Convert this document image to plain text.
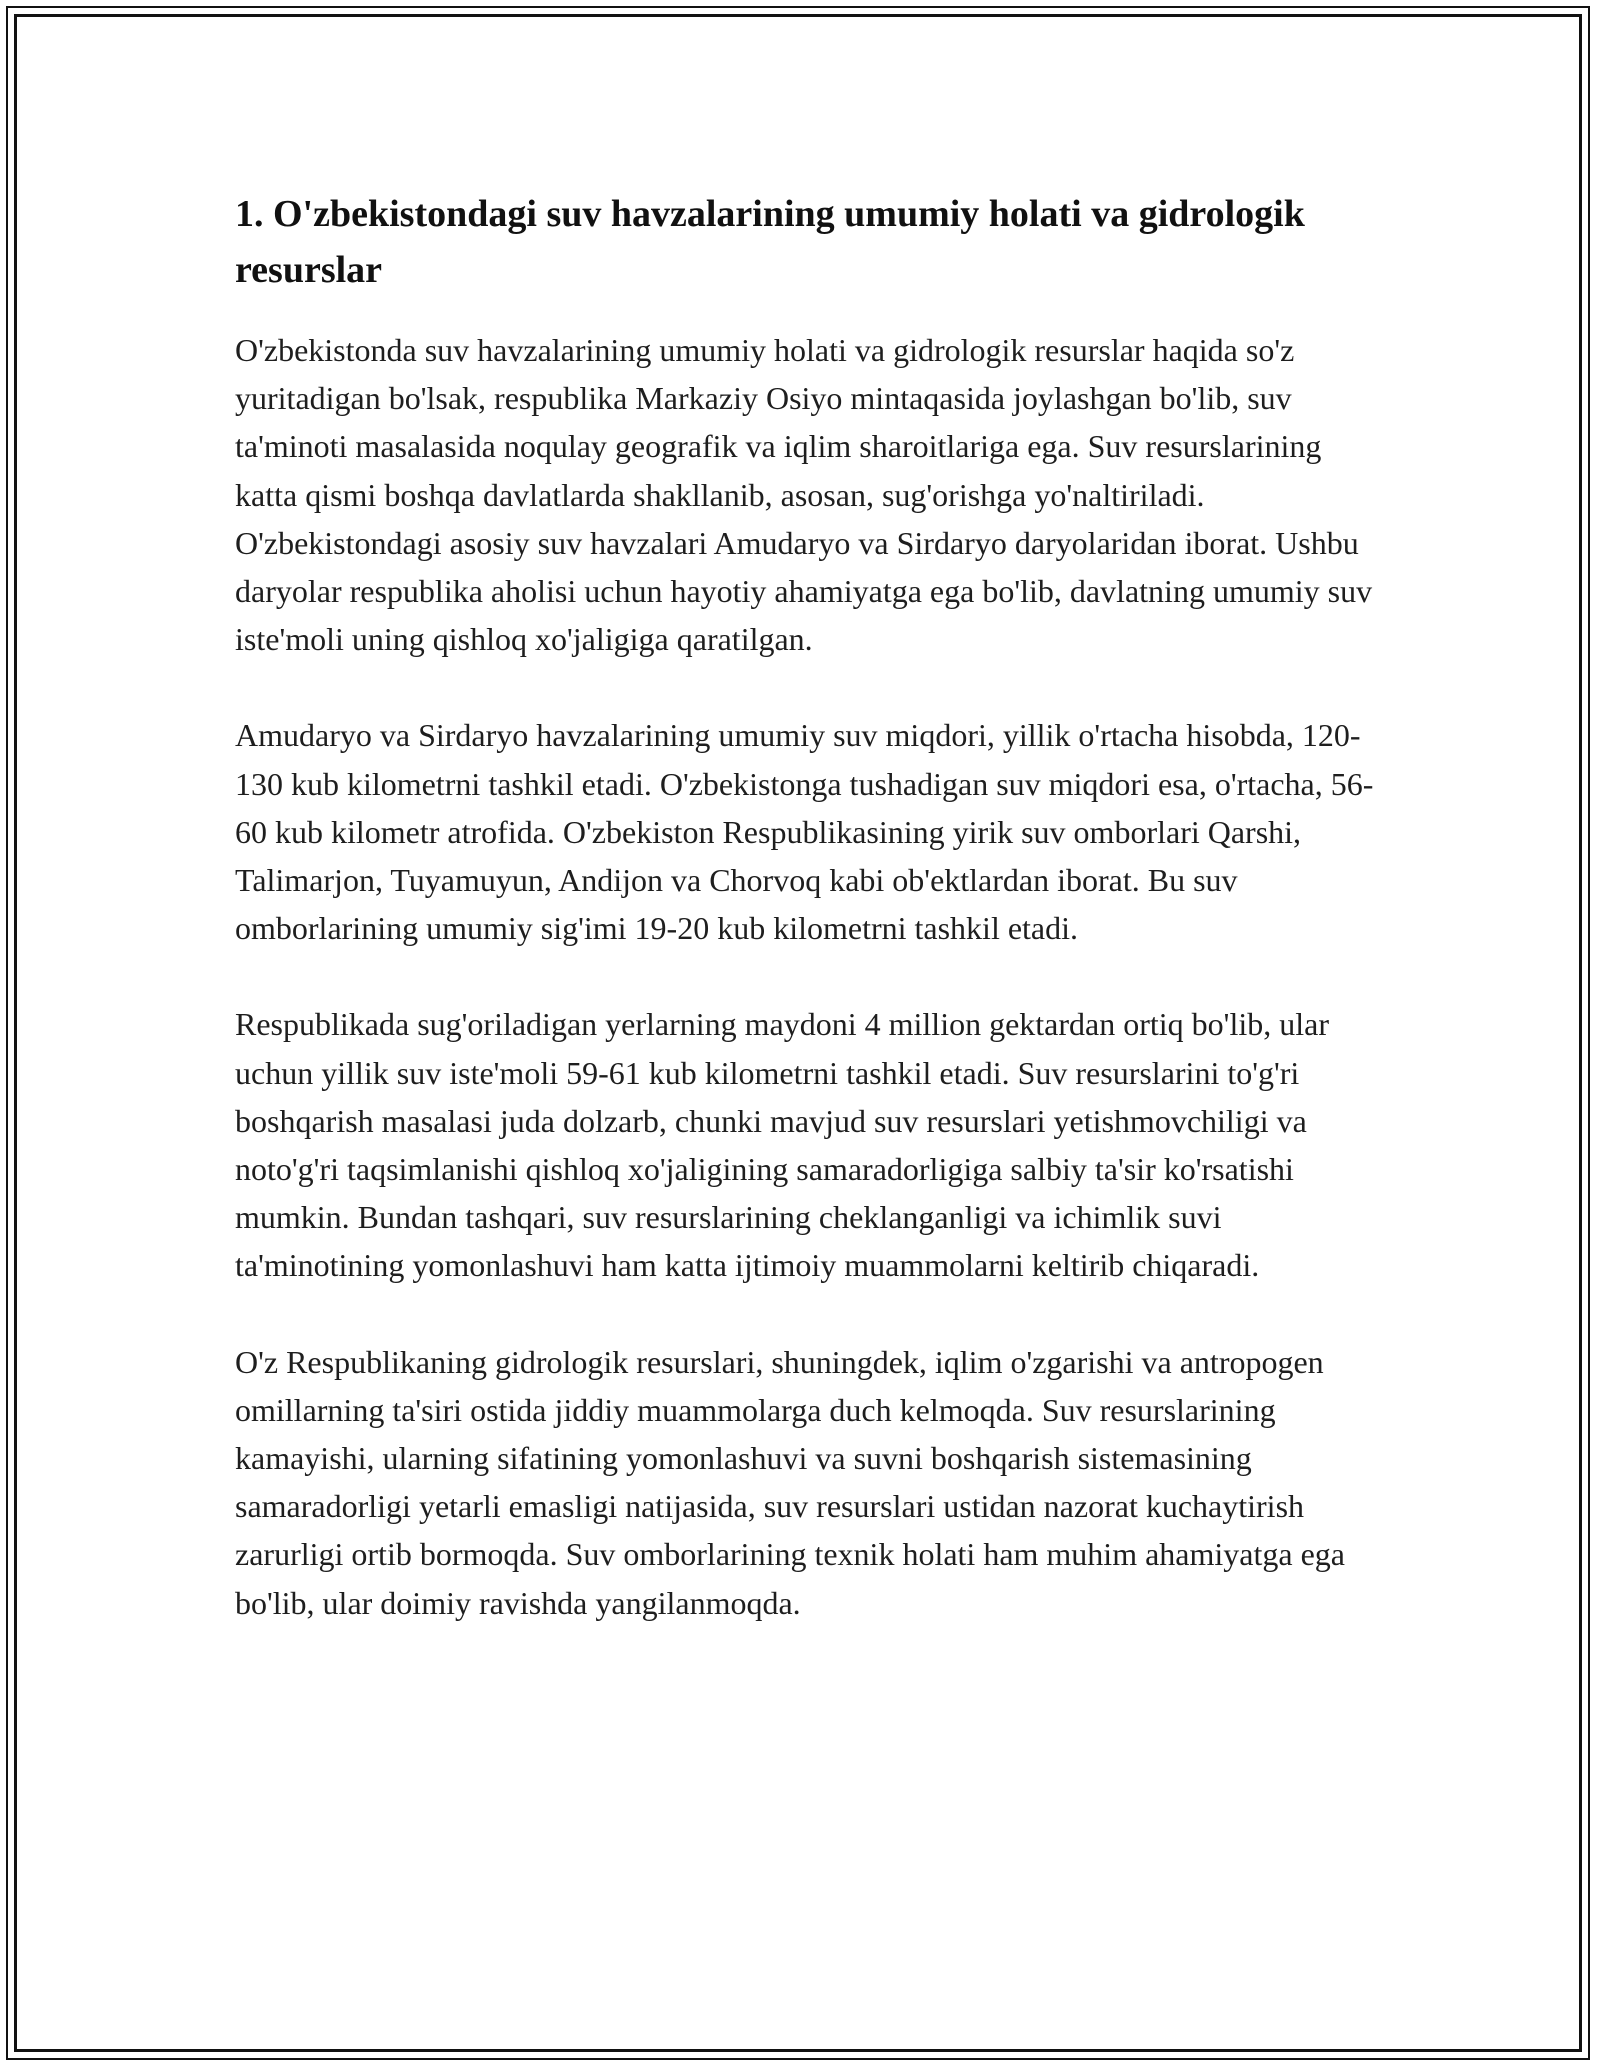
1. O'zbekistondagi suv havzalarining umumiy holati va gidrologik resurslar

O'zbekistonda suv havzalarining umumiy holati va gidrologik resurslar haqida so'z yuritadigan bo'lsak, respublika Markaziy Osiyo mintaqasida joylashgan bo'lib, suv ta'minoti masalasida noqulay geografik va iqlim sharoitlariga ega. Suv resurslarining katta qismi boshqa davlatlarda shakllanib, asosan, sug'orishga yo'naltiriladi. O'zbekistondagi asosiy suv havzalari Amudaryo va Sirdaryo daryolaridan iborat. Ushbu daryolar respublika aholisi uchun hayotiy ahamiyatga ega bo'lib, davlatning umumiy suv iste'moli uning qishloq xo'jaligiga qaratilgan.

Amudaryo va Sirdaryo havzalarining umumiy suv miqdori, yillik o'rtacha hisobda, 120-130 kub kilometrni tashkil etadi. O'zbekistonga tushadigan suv miqdori esa, o'rtacha, 56-60 kub kilometr atrofida. O'zbekiston Respublikasining yirik suv omborlari Qarshi, Talimarjon, Tuyamuyun, Andijon va Chorvoq kabi ob'ektlardan iborat. Bu suv omborlarining umumiy sig'imi 19-20 kub kilometrni tashkil etadi.

Respublikada sug'oriladigan yerlarning maydoni 4 million gektardan ortiq bo'lib, ular uchun yillik suv iste'moli 59-61 kub kilometrni tashkil etadi. Suv resurslarini to'g'ri boshqarish masalasi juda dolzarb, chunki mavjud suv resurslari yetishmovchiligi va noto'g'ri taqsimlanishi qishloq xo'jaligining samaradorligiga salbiy ta'sir ko'rsatishi mumkin. Bundan tashqari, suv resurslarining cheklanganligi va ichimlik suvi ta'minotining yomonlashuvi ham katta ijtimoiy muammolarni keltirib chiqaradi.

O'z Respublikaning gidrologik resurslari, shuningdek, iqlim o'zgarishi va antropogen omillarning ta'siri ostida jiddiy muammolarga duch kelmoqda. Suv resurslarining kamayishi, ularning sifatining yomonlashuvi va suvni boshqarish sistemasining samaradorligi yetarli emasligi natijasida, suv resurslari ustidan nazorat kuchaytirish zarurligi ortib bormoqda. Suv omborlarining texnik holati ham muhim ahamiyatga ega bo'lib, ular doimiy ravishda yangilanmoqda.
